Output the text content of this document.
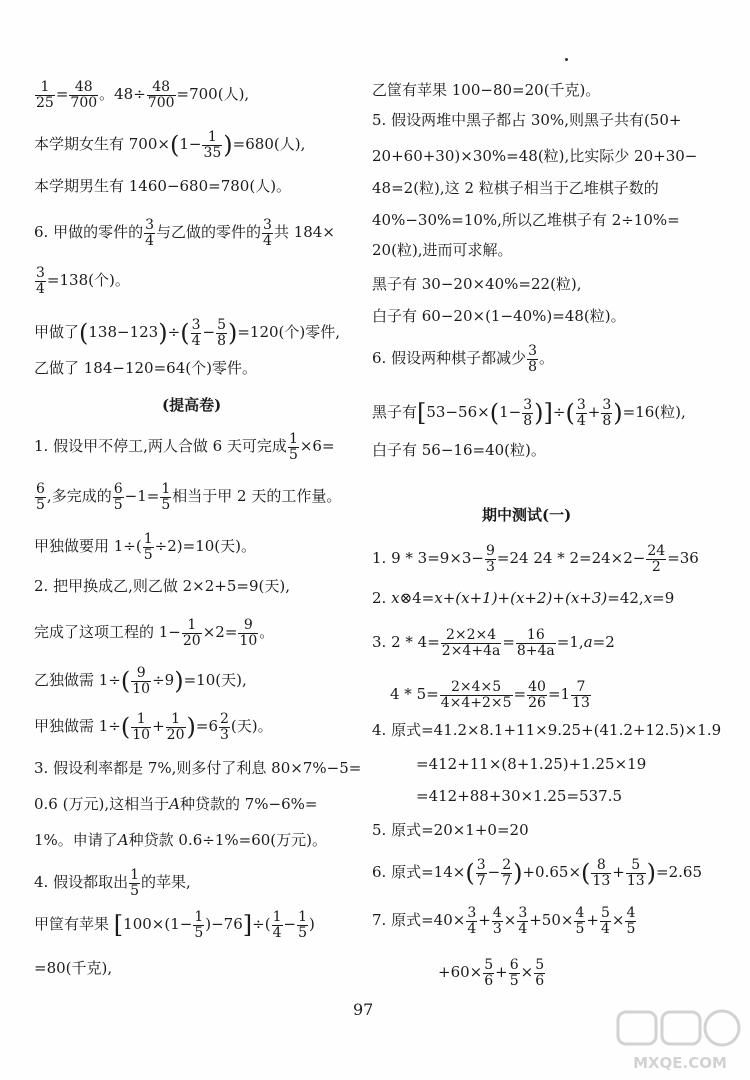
$\frac{1}{25} = \frac{48}{700}$ 。$48\div \frac{48}{700} =700$(人),
本学期女生有 $700\times(1- \frac{1}{35} )=680$(人),
本学期男生有 1460−680=780(人)。
6. 甲做的零件的 $\frac{3}{4}$ 与乙做的零件的 $\frac{3}{4}$ 共 184×
$\frac{3}{4} =138$(个)。
甲做了$(138-123)\div( \frac{3}{4} - \frac{5}{8} )=120$(个)零件,
乙做了 184−120=64(个)零件。
(提高卷)
1. 假设甲不停工,两人合做 6 天可完成 $\frac{1}{5} \times 6=$
$\frac{6}{5}$ ,多完成的 $\frac{6}{5} -1= \frac{1}{5}$ 相当于甲 2 天的工作量。
甲独做要用 $1\div( \frac{1}{5} \div 2)=10$(天)。
2. 把甲换成乙,则乙做 2×2+5=9(天),
完成了这项工程的 $1- \frac{1}{20} \times 2= \frac{9}{10}$ 。
乙独做需 $1\div( \frac{9}{10} \div 9)=10$(天),
甲独做需 $1\div( \frac{1}{10} + \frac{1}{20} )=6 \frac{2}{3}$ (天)。
3. 假设利率都是 7%,则多付了利息 80×7%−5=
0.6 (万元),这相当于A种贷款的 7%−6%=
1%。申请了A种贷款 0.6÷1%=60(万元)。
4. 假设都取出 $\frac{1}{5}$ 的苹果,
甲筐有苹果 $[100\times(1- \frac{1}{5} )-76]\div( \frac{1}{4} - \frac{1}{5}$ )
=80(千克),
乙筐有苹果 100−80=20(千克)。
5. 假设两堆中黑子都占 30%,则黑子共有(50+
20+60+30)×30%=48(粒),比实际少 20+30−
48=2(粒),这 2 粒棋子相当于乙堆棋子数的
40%−30%=10%,所以乙堆棋子有 2÷10%=
20(粒),进而可求解。
黑子有 30−20×40%=22(粒),
白子有 60−20×(1−40%)=48(粒)。
6. 假设两种棋子都减少 $\frac{3}{8}$ 。
黑子有[$53-56\times(1- \frac{3}{8}$ )]÷( $\frac{3}{4} + \frac{3}{8} )=16$(粒),
白子有 56−16=40(粒)。
期中测试(一)
1. $9 * 3=9\times 3- \frac{9}{3} =24$ $24 * 2=24\times 2- \frac{24}{2} =36$
2. x⊗4=x+(x+1)+(x+2)+(x+3)=42,x=9
3. $2 * 4= \frac{2\times 2\times 4}{2\times 4+4a} = \frac{16}{8+4a} =1,a=2$
$4 * 5= \frac{2\times 4\times 5}{4\times 4+2\times 5} = \frac{40}{26} =1 \frac{7}{13}$
4. 原式=41.2×8.1+11×9.25+(41.2+12.5)×1.9
=412+11×(8+1.25)+1.25×19
=412+88+30×1.25=537.5
5. 原式=20×1+0=20
6. 原式$=14\times( \frac{3}{7} - \frac{2}{7} )+0.65\times( \frac{8}{13} + \frac{5}{13} )=2.65$
7. 原式$=40\times \frac{3}{4} + \frac{4}{3} \times \frac{3}{4} +50\times \frac{4}{5} + \frac{5}{4} \times \frac{4}{5}$
$+60\times \frac{5}{6} + \frac{6}{5} \times \frac{5}{6}$
97
MXQE.COM
